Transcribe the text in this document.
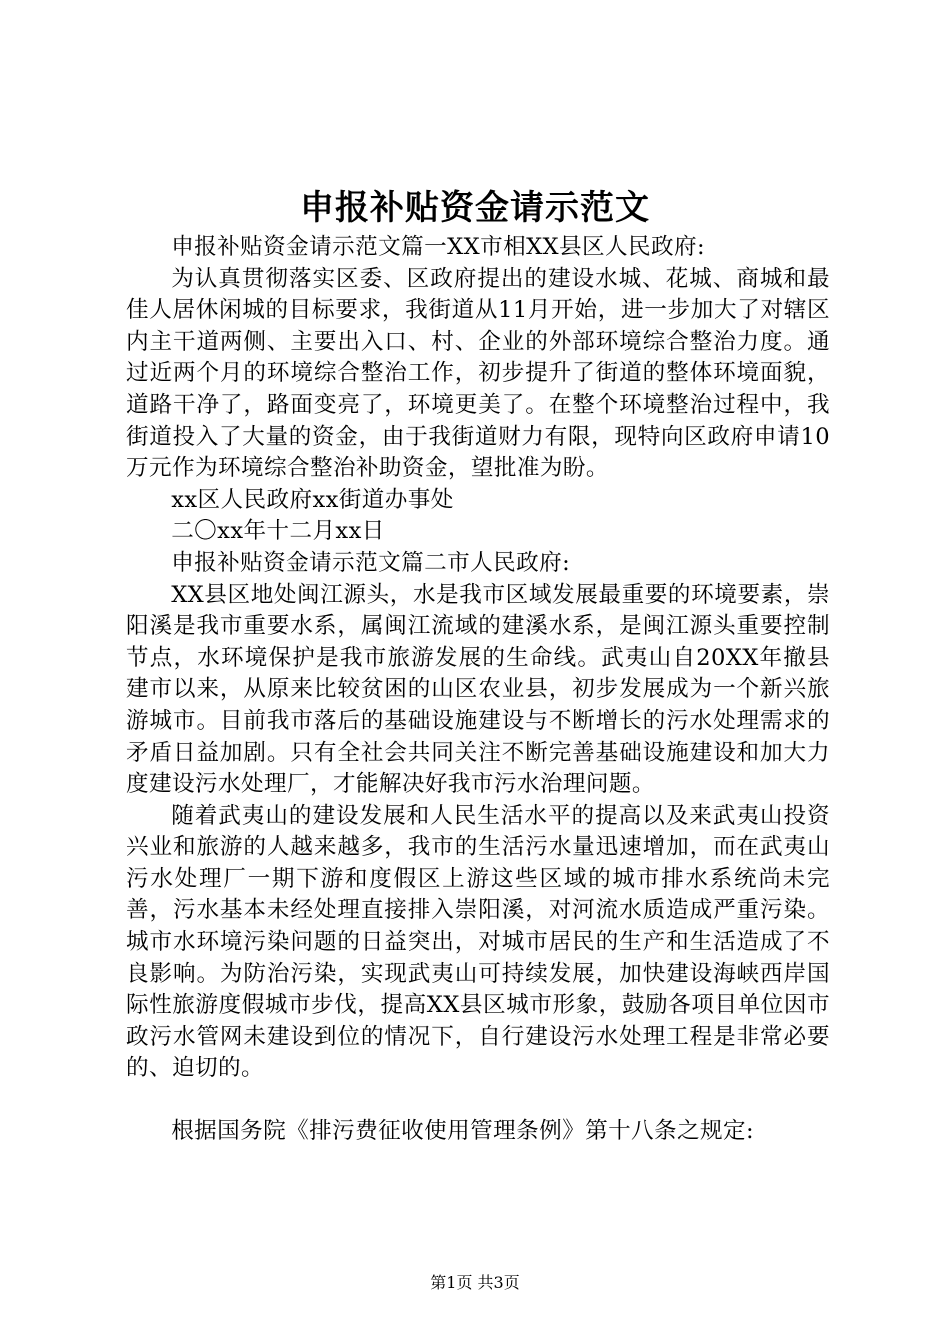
申报补贴资金请示范文

申报补贴资金请示范文篇一XX市相XX县区人民政府:

为认真贯彻落实区委、区政府提出的建设水城、花城、商城和最佳人居休闲城的目标要求，我街道从11月开始，进一步加大了对辖区内主干道两侧、主要出入口、村、企业的外部环境综合整治力度。通过近两个月的环境综合整治工作，初步提升了街道的整体环境面貌，道路干净了，路面变亮了，环境更美了。在整个环境整治过程中，我街道投入了大量的资金，由于我街道财力有限，现特向区政府申请10万元作为环境综合整治补助资金，望批准为盼。

xx区人民政府xx街道办事处

二〇xx年十二月xx日

申报补贴资金请示范文篇二市人民政府:

XX县区地处闽江源头，水是我市区域发展最重要的环境要素，崇阳溪是我市重要水系，属闽江流域的建溪水系，是闽江源头重要控制节点，水环境保护是我市旅游发展的生命线。武夷山自20XX年撤县建市以来，从原来比较贫困的山区农业县，初步发展成为一个新兴旅游城市。目前我市落后的基础设施建设与不断增长的污水处理需求的矛盾日益加剧。只有全社会共同关注不断完善基础设施建设和加大力度建设污水处理厂，才能解决好我市污水治理问题。

随着武夷山的建设发展和人民生活水平的提高以及来武夷山投资兴业和旅游的人越来越多，我市的生活污水量迅速增加，而在武夷山污水处理厂一期下游和度假区上游这些区域的城市排水系统尚未完善，污水基本未经处理直接排入崇阳溪，对河流水质造成严重污染。城市水环境污染问题的日益突出，对城市居民的生产和生活造成了不良影响。为防治污染，实现武夷山可持续发展，加快建设海峡西岸国际性旅游度假城市步伐，提高XX县区城市形象，鼓励各项目单位因市政污水管网未建设到位的情况下，自行建设污水处理工程是非常必要的、迫切的。

根据国务院《排污费征收使用管理条例》第十八条之规定:

第1页 共3页
